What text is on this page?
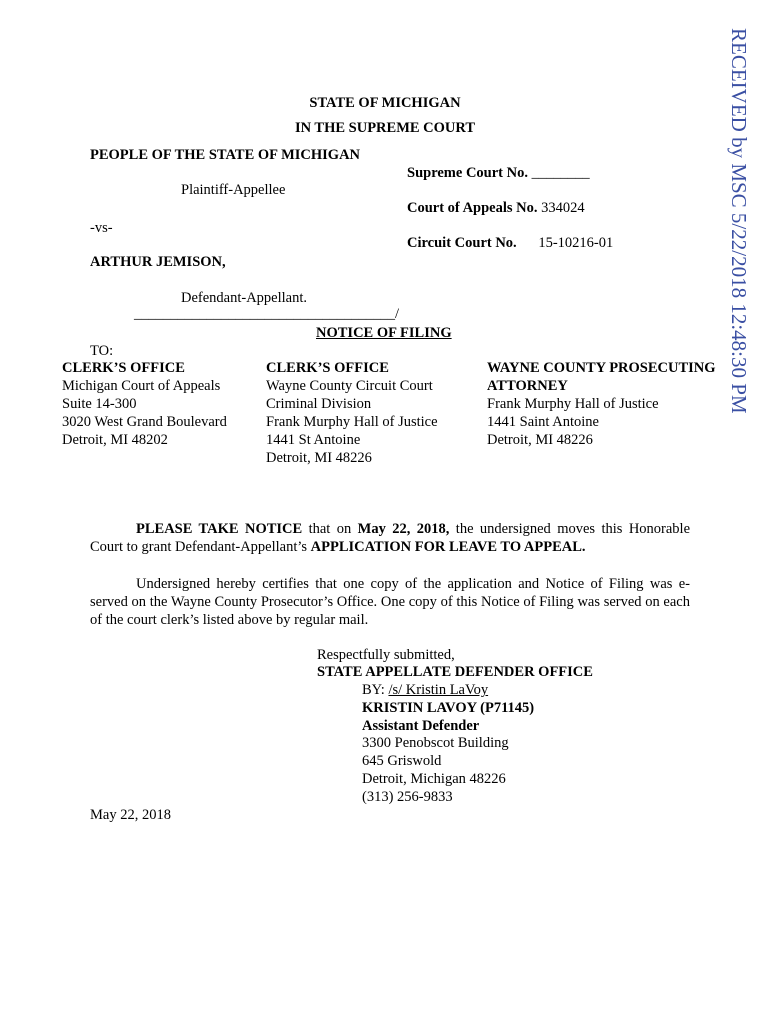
RECEIVED by MSC 5/22/2018 12:48:30 PM
STATE OF MICHIGAN
IN THE SUPREME COURT
PEOPLE OF THE STATE OF MICHIGAN
Plaintiff-Appellee
-vs-
ARTHUR JEMISON,
Defendant-Appellant.
____________________________________/
Supreme Court No. ________
Court of Appeals No. 334024
Circuit Court No. 15-10216-01
NOTICE OF FILING
TO:
CLERK’S OFFICE
Michigan Court of Appeals
Suite 14-300
3020 West Grand Boulevard
Detroit, MI 48202
CLERK’S OFFICE
Wayne County Circuit Court
Criminal Division
Frank Murphy Hall of Justice
1441 St Antoine
Detroit, MI 48226
WAYNE COUNTY PROSECUTING
ATTORNEY
Frank Murphy Hall of Justice
1441 Saint Antoine
Detroit, MI 48226
PLEASE TAKE NOTICE that on May 22, 2018, the undersigned moves this Honorable Court to grant Defendant-Appellant’s APPLICATION FOR LEAVE TO APPEAL.
Undersigned hereby certifies that one copy of the application and Notice of Filing was e-served on the Wayne County Prosecutor’s Office. One copy of this Notice of Filing was served on each of the court clerk’s listed above by regular mail.
Respectfully submitted,
STATE APPELLATE DEFENDER OFFICE
BY: /s/ Kristin LaVoy
KRISTIN LAVOY (P71145)
Assistant Defender
3300 Penobscot Building
645 Griswold
Detroit, Michigan 48226
(313) 256-9833
May 22, 2018
